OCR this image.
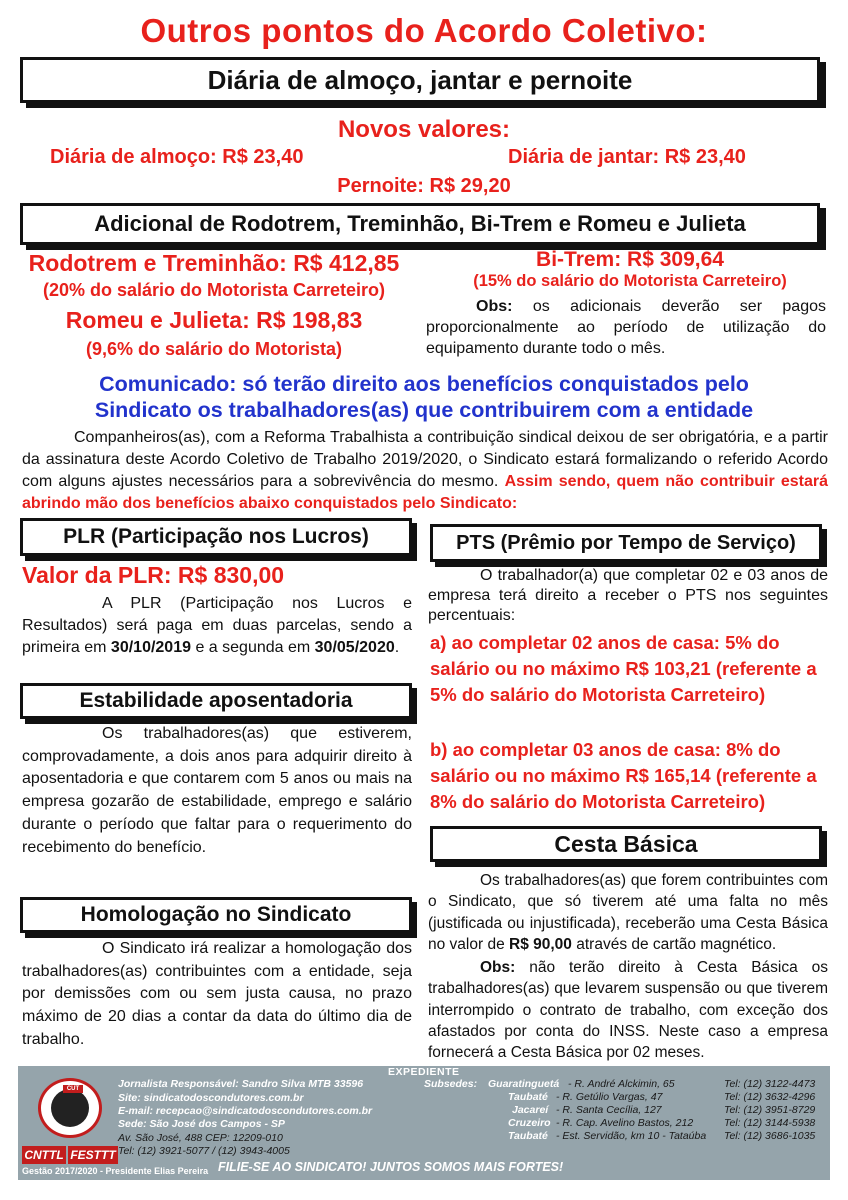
Outros pontos do Acordo Coletivo:
Diária de almoço, jantar e pernoite
Novos valores:
Diária de almoço: R$ 23,40	Diária de jantar: R$ 23,40
Pernoite: R$ 29,20
Adicional de Rodotrem, Treminhão, Bi-Trem e Romeu e Julieta
Rodotrem e Treminhão: R$ 412,85
(20% do salário do Motorista Carreteiro)
Romeu e Julieta: R$ 198,83
(9,6% do salário do Motorista)
Bi-Trem: R$ 309,64
(15% do salário do Motorista Carreteiro)
Obs: os adicionais deverão ser pagos proporcionalmente ao período de utilização do equipamento durante todo o mês.
Comunicado: só terão direito aos benefícios conquistados pelo
Sindicato os trabalhadores(as) que contribuirem com a entidade
Companheiros(as), com a Reforma Trabalhista a contribuição sindical deixou de ser obrigatória, e a partir da assinatura deste Acordo Coletivo de Trabalho 2019/2020, o Sindicato estará formalizando o referido Acordo com alguns ajustes necessários para a sobrevivência do mesmo. Assim sendo, quem não contribuir estará abrindo mão dos benefícios abaixo conquistados pelo Sindicato:
PLR (Participação nos Lucros)
Valor da PLR: R$ 830,00
A PLR (Participação nos Lucros e Resultados) será paga em duas parcelas, sendo a primeira em 30/10/2019 e a segunda em 30/05/2020.
Estabilidade aposentadoria
Os trabalhadores(as) que estiverem, comprovadamente, a dois anos para adquirir direito à aposentadoria e que contarem com 5 anos ou mais na empresa gozarão de estabilidade, emprego e salário durante o período que faltar para o requerimento do recebimento do benefício.
Homologação no Sindicato
O Sindicato irá realizar a homologação dos trabalhadores(as) contribuintes com a entidade, seja por demissões com ou sem justa causa, no prazo máximo de 20 dias a contar da data do último dia de trabalho.
PTS (Prêmio por Tempo de Serviço)
O trabalhador(a) que completar 02 e 03 anos de empresa terá direito a receber o PTS nos seguintes percentuais:
a) ao completar 02 anos de casa: 5% do salário ou no máximo R$ 103,21 (referente a 5% do salário do Motorista Carreteiro)
b) ao completar 03 anos de casa: 8% do salário ou no máximo R$ 165,14 (referente a 8% do salário do Motorista Carreteiro)
Cesta Básica
Os trabalhadores(as) que forem contribuintes com o Sindicato, que só tiverem até uma falta no mês (justificada ou injustificada), receberão uma Cesta Básica no valor de R$ 90,00 através de cartão magnético.
Obs: não terão direito à Cesta Básica os trabalhadores(as) que levarem suspensão ou que tiverem interrompido o contrato de trabalho, com exceção dos afastados por conta do INSS. Neste caso a empresa fornecerá a Cesta Básica por 02 meses.
EXPEDIENTE
CUT
CNTTL FESTTT
Gestão 2017/2020 - Presidente Elias Pereira
Jornalista Responsável: Sandro Silva MTB 33596
Site: sindicatodoscondutores.com.br
E-mail: recepcao@sindicatodoscondutores.com.br
Sede: São José dos Campos - SP
Av. São José, 488 CEP: 12209-010
Tel: (12) 3921-5077 / (12) 3943-4005
Subsedes: Guaratinguetá - R. André Alckimin, 65	Tel: (12) 3122-4473
Taubaté - R. Getúlio Vargas, 47	Tel: (12) 3632-4296
Jacareí - R. Santa Cecília, 127	Tel: (12) 3951-8729
Cruzeiro - R. Cap. Avelino Bastos, 212	Tel: (12) 3144-5938
Taubaté - Est. Servidão, km 10 - Tataúba Tel: (12) 3686-1035
FILIE-SE AO SINDICATO! JUNTOS SOMOS MAIS FORTES!
